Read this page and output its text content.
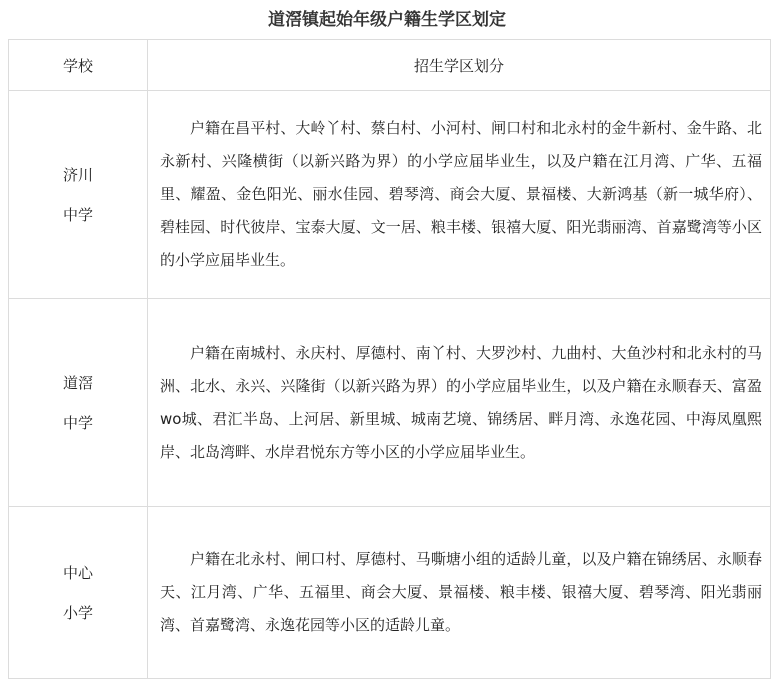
道滘镇起始年级户籍生学区划定
学校	招生学区划分

济川
中学	户籍在昌平村、大岭丫村、蔡白村、小河村、闸口村和北永村的金牛新村、金牛路、北永新村、兴隆横街（以新兴路为界）的小学应届毕业生，以及户籍在江月湾、广华、五福里、耀盈、金色阳光、丽水佳园、碧琴湾、商会大厦、景福楼、大新鸿基（新一城华府）、碧桂园、时代彼岸、宝泰大厦、文一居、粮丰楼、银禧大厦、阳光翡丽湾、首嘉鹭湾等小区的小学应届毕业生。

道滘
中学	户籍在南城村、永庆村、厚德村、南丫村、大罗沙村、九曲村、大鱼沙村和北永村的马洲、北水、永兴、兴隆街（以新兴路为界）的小学应届毕业生，以及户籍在永顺春天、富盈wo城、君汇半岛、上河居、新里城、城南艺境、锦绣居、畔月湾、永逸花园、中海凤凰熙岸、北岛湾畔、水岸君悦东方等小区的小学应届毕业生。

中心
小学	户籍在北永村、闸口村、厚德村、马嘶塘小组的适龄儿童，以及户籍在锦绣居、永顺春天、江月湾、广华、五福里、商会大厦、景福楼、粮丰楼、银禧大厦、碧琴湾、阳光翡丽湾、首嘉鹭湾、永逸花园等小区的适龄儿童。
